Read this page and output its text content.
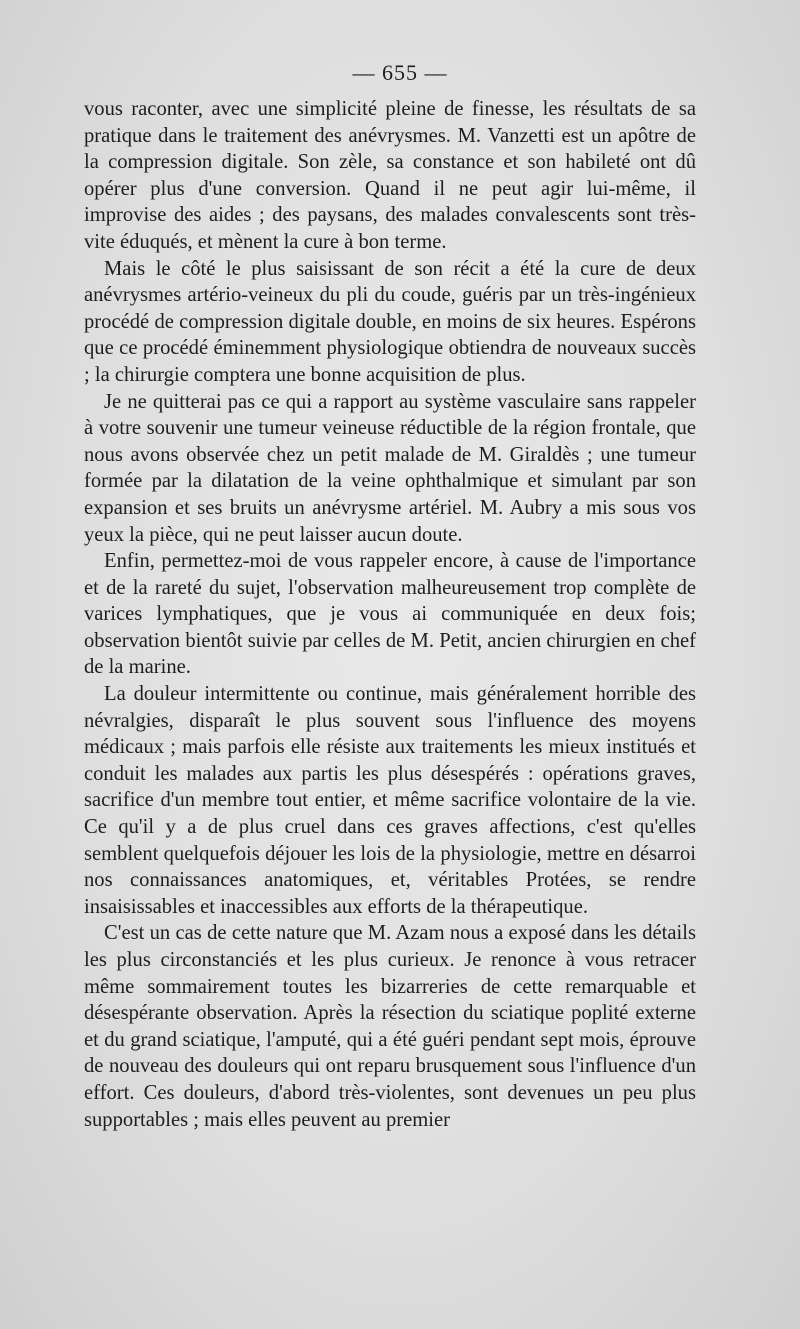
— 655 —

vous raconter, avec une simplicité pleine de finesse, les résultats de sa pratique dans le traitement des anévrysmes. M. Vanzetti est un apôtre de la compression digitale. Son zèle, sa constance et son habileté ont dû opérer plus d'une conversion. Quand il ne peut agir lui-même, il improvise des aides ; des paysans, des malades convalescents sont très-vite éduqués, et mènent la cure à bon terme.

Mais le côté le plus saisissant de son récit a été la cure de deux anévrysmes artério-veineux du pli du coude, guéris par un très-ingénieux procédé de compression digitale double, en moins de six heures. Espérons que ce procédé éminemment physiologique obtiendra de nouveaux succès ; la chirurgie comptera une bonne acquisition de plus.

Je ne quitterai pas ce qui a rapport au système vasculaire sans rappeler à votre souvenir une tumeur veineuse réductible de la région frontale, que nous avons observée chez un petit malade de M. Giraldès ; une tumeur formée par la dilatation de la veine ophthalmique et simulant par son expansion et ses bruits un anévrysme artériel. M. Aubry a mis sous vos yeux la pièce, qui ne peut laisser aucun doute.

Enfin, permettez-moi de vous rappeler encore, à cause de l'importance et de la rareté du sujet, l'observation malheureusement trop complète de varices lymphatiques, que je vous ai communiquée en deux fois; observation bientôt suivie par celles de M. Petit, ancien chirurgien en chef de la marine.

La douleur intermittente ou continue, mais généralement horrible des névralgies, disparaît le plus souvent sous l'influence des moyens médicaux ; mais parfois elle résiste aux traitements les mieux institués et conduit les malades aux partis les plus désespérés : opérations graves, sacrifice d'un membre tout entier, et même sacrifice volontaire de la vie. Ce qu'il y a de plus cruel dans ces graves affections, c'est qu'elles semblent quelquefois déjouer les lois de la physiologie, mettre en désarroi nos connaissances anatomiques, et, véritables Protées, se rendre insaisissables et inaccessibles aux efforts de la thérapeutique.

C'est un cas de cette nature que M. Azam nous a exposé dans les détails les plus circonstanciés et les plus curieux. Je renonce à vous retracer même sommairement toutes les bizarreries de cette remarquable et désespérante observation. Après la résection du sciatique poplité externe et du grand sciatique, l'amputé, qui a été guéri pendant sept mois, éprouve de nouveau des douleurs qui ont reparu brusquement sous l'influence d'un effort. Ces douleurs, d'abord très-violentes, sont devenues un peu plus supportables ; mais elles peuvent au premier
